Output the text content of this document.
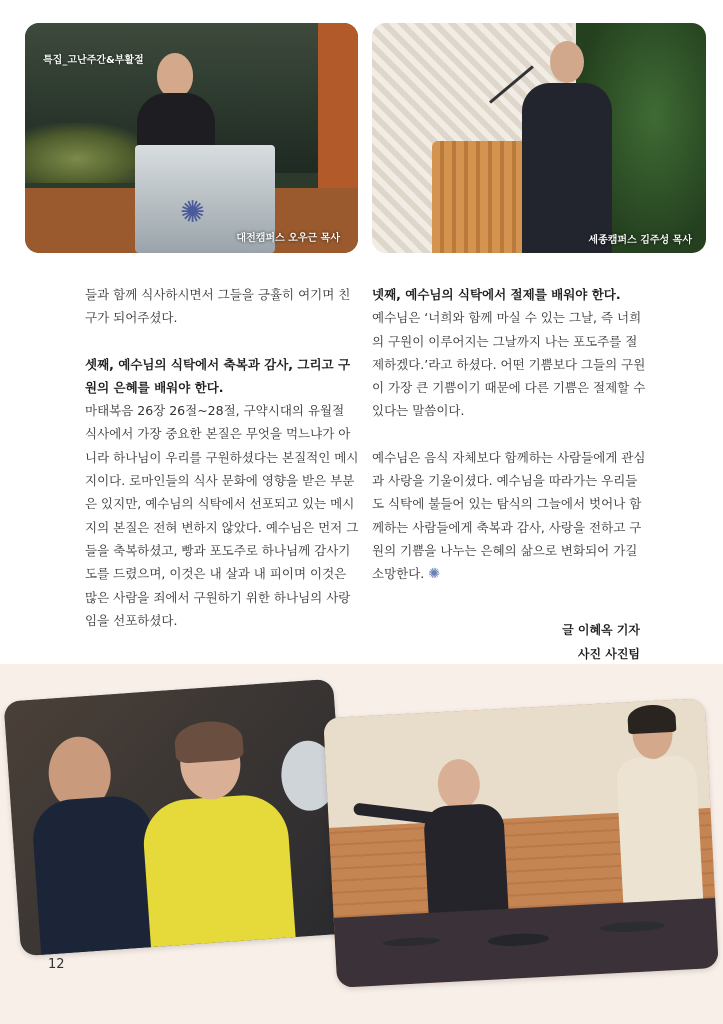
✺
대전캠퍼스 오우근 목사
특집_고난주간&부활절
세종캠퍼스 김주성 목사

들과 함께 식사하시면서 그들을 긍휼히 여기며 친구가 되어주셨다.

셋째, 예수님의 식탁에서 축복과 감사, 그리고 구원의 은혜를 배워야 한다.

마태복음 26장 26절~28절, 구약시대의 유월절 식사에서 가장 중요한 본질은 무엇을 먹느냐가 아니라 하나님이 우리를 구원하셨다는 본질적인 메시지이다. 로마인들의 식사 문화에 영향을 받은 부분은 있지만, 예수님의 식탁에서 선포되고 있는 메시지의 본질은 전혀 변하지 않았다. 예수님은 먼저 그들을 축복하셨고, 빵과 포도주로 하나님께 감사기도를 드렸으며, 이것은 내 살과 내 피이며 이것은 많은 사람을 죄에서 구원하기 위한 하나님의 사랑임을 선포하셨다.

넷째, 예수님의 식탁에서 절제를 배워야 한다.

예수님은 ‘너희와 함께 마실 수 있는 그날, 즉 너희의 구원이 이루어지는 그날까지 나는 포도주를 절제하겠다.’라고 하셨다. 어떤 기쁨보다 그들의 구원이 가장 큰 기쁨이기 때문에 다른 기쁨은 절제할 수 있다는 말씀이다.

예수님은 음식 자체보다 함께하는 사람들에게 관심과 사랑을 기울이셨다. 예수님을 따라가는 우리들도 식탁에 불들어 있는 탐식의 그늘에서 벗어나 함께하는 사람들에게 축복과 감사, 사랑을 전하고 구원의 기쁨을 나누는 은혜의 삶으로 변화되어 가길 소망한다. ✺

글 이혜옥 기자
사진 사진팀
12
